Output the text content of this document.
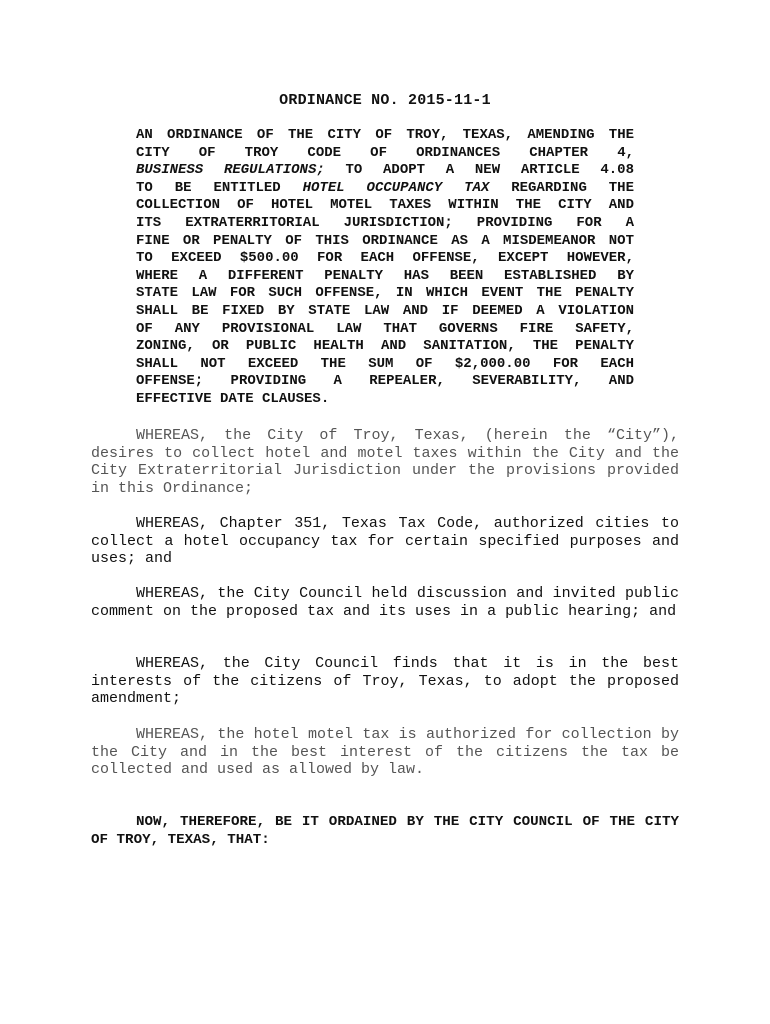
ORDINANCE NO. 2015-11-1
AN ORDINANCE OF THE CITY OF TROY, TEXAS, AMENDING THE
CITY OF TROY CODE OF ORDINANCES CHAPTER 4,
BUSINESS REGULATIONS; TO ADOPT A NEW ARTICLE 4.08
TO BE ENTITLED HOTEL OCCUPANCY TAX REGARDING THE
COLLECTION OF HOTEL MOTEL TAXES WITHIN THE CITY AND
ITS EXTRATERRITORIAL JURISDICTION; PROVIDING FOR A
FINE OR PENALTY OF THIS ORDINANCE AS A MISDEMEANOR NOT
TO EXCEED $500.00 FOR EACH OFFENSE, EXCEPT HOWEVER,
WHERE A DIFFERENT PENALTY HAS BEEN ESTABLISHED BY
STATE LAW FOR SUCH OFFENSE, IN WHICH EVENT THE PENALTY
SHALL BE FIXED BY STATE LAW AND IF DEEMED A VIOLATION
OF ANY PROVISIONAL LAW THAT GOVERNS FIRE SAFETY,
ZONING, OR PUBLIC HEALTH AND SANITATION, THE PENALTY
SHALL NOT EXCEED THE SUM OF $2,000.00 FOR EACH
OFFENSE; PROVIDING A REPEALER, SEVERABILITY, AND
EFFECTIVE DATE CLAUSES.

WHEREAS, the City of Troy, Texas, (herein the “City”), desires to collect hotel and motel taxes within the City and the City Extraterritorial Jurisdiction under the provisions provided in this Ordinance;

WHEREAS, Chapter 351, Texas Tax Code, authorized cities to collect a hotel occupancy tax for certain specified purposes and uses; and

WHEREAS, the City Council held discussion and invited public comment on the proposed tax and its uses in a public hearing; and

WHEREAS, the City Council finds that it is in the best interests of the citizens of Troy, Texas, to adopt the proposed amendment;

WHEREAS, the hotel motel tax is authorized for collection by the City and in the best interest of the citizens the tax be collected and used as allowed by law.

NOW, THEREFORE, BE IT ORDAINED BY THE CITY COUNCIL OF THE CITY OF TROY, TEXAS, THAT:
